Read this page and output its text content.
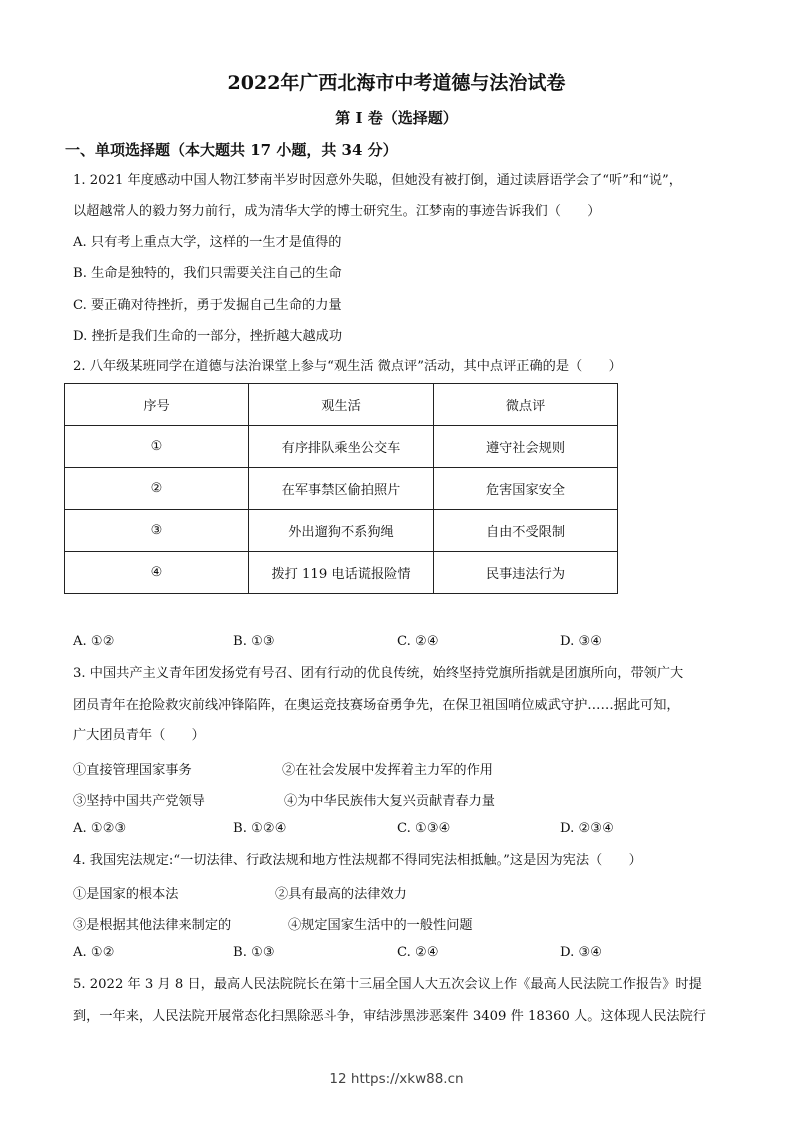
2022年广西北海市中考道德与法治试卷
第 I 卷（选择题）
一、单项选择题（本大题共 17 小题，共 34 分）
1. 2021 年度感动中国人物江梦南半岁时因意外失聪，但她没有被打倒，通过读唇语学会了“听”和“说”，
以超越常人的毅力努力前行，成为清华大学的博士研究生。江梦南的事迹告诉我们（　　）
A. 只有考上重点大学，这样的一生才是值得的
B. 生命是独特的，我们只需要关注自己的生命
C. 要正确对待挫折，勇于发掘自己生命的力量
D. 挫折是我们生命的一部分，挫折越大越成功
2. 八年级某班同学在道德与法治课堂上参与“观生活 微点评”活动，其中点评正确的是（　　）
序号	观生活	微点评
①	有序排队乘坐公交车	遵守社会规则
②	在军事禁区偷拍照片	危害国家安全
③	外出遛狗不系狗绳	自由不受限制
④	拨打 119 电话谎报险情	民事违法行为
A. ①②	B. ①③	C. ②④	D. ③④
3. 中国共产主义青年团发扬党有号召、团有行动的优良传统，始终坚持党旗所指就是团旗所向，带领广大
团员青年在抢险救灾前线冲锋陷阵，在奥运竞技赛场奋勇争先，在保卫祖国哨位威武守护……据此可知，
广大团员青年（　　）
①直接管理国家事务	②在社会发展中发挥着主力军的作用
③坚持中国共产党领导	④为中华民族伟大复兴贡献青春力量
A. ①②③	B. ①②④	C. ①③④	D. ②③④
4. 我国宪法规定:“一切法律、行政法规和地方性法规都不得同宪法相抵触。”这是因为宪法（　　）
①是国家的根本法	②具有最高的法律效力
③是根据其他法律来制定的	④规定国家生活中的一般性问题
A. ①②	B. ①③	C. ②④	D. ③④
5. 2022 年 3 月 8 日，最高人民法院院长在第十三届全国人大五次会议上作《最高人民法院工作报告》时提
到，一年来，人民法院开展常态化扫黑除恶斗争，审结涉黑涉恶案件 3409 件 18360 人。这体现人民法院行
12 https://xkw88.cn
